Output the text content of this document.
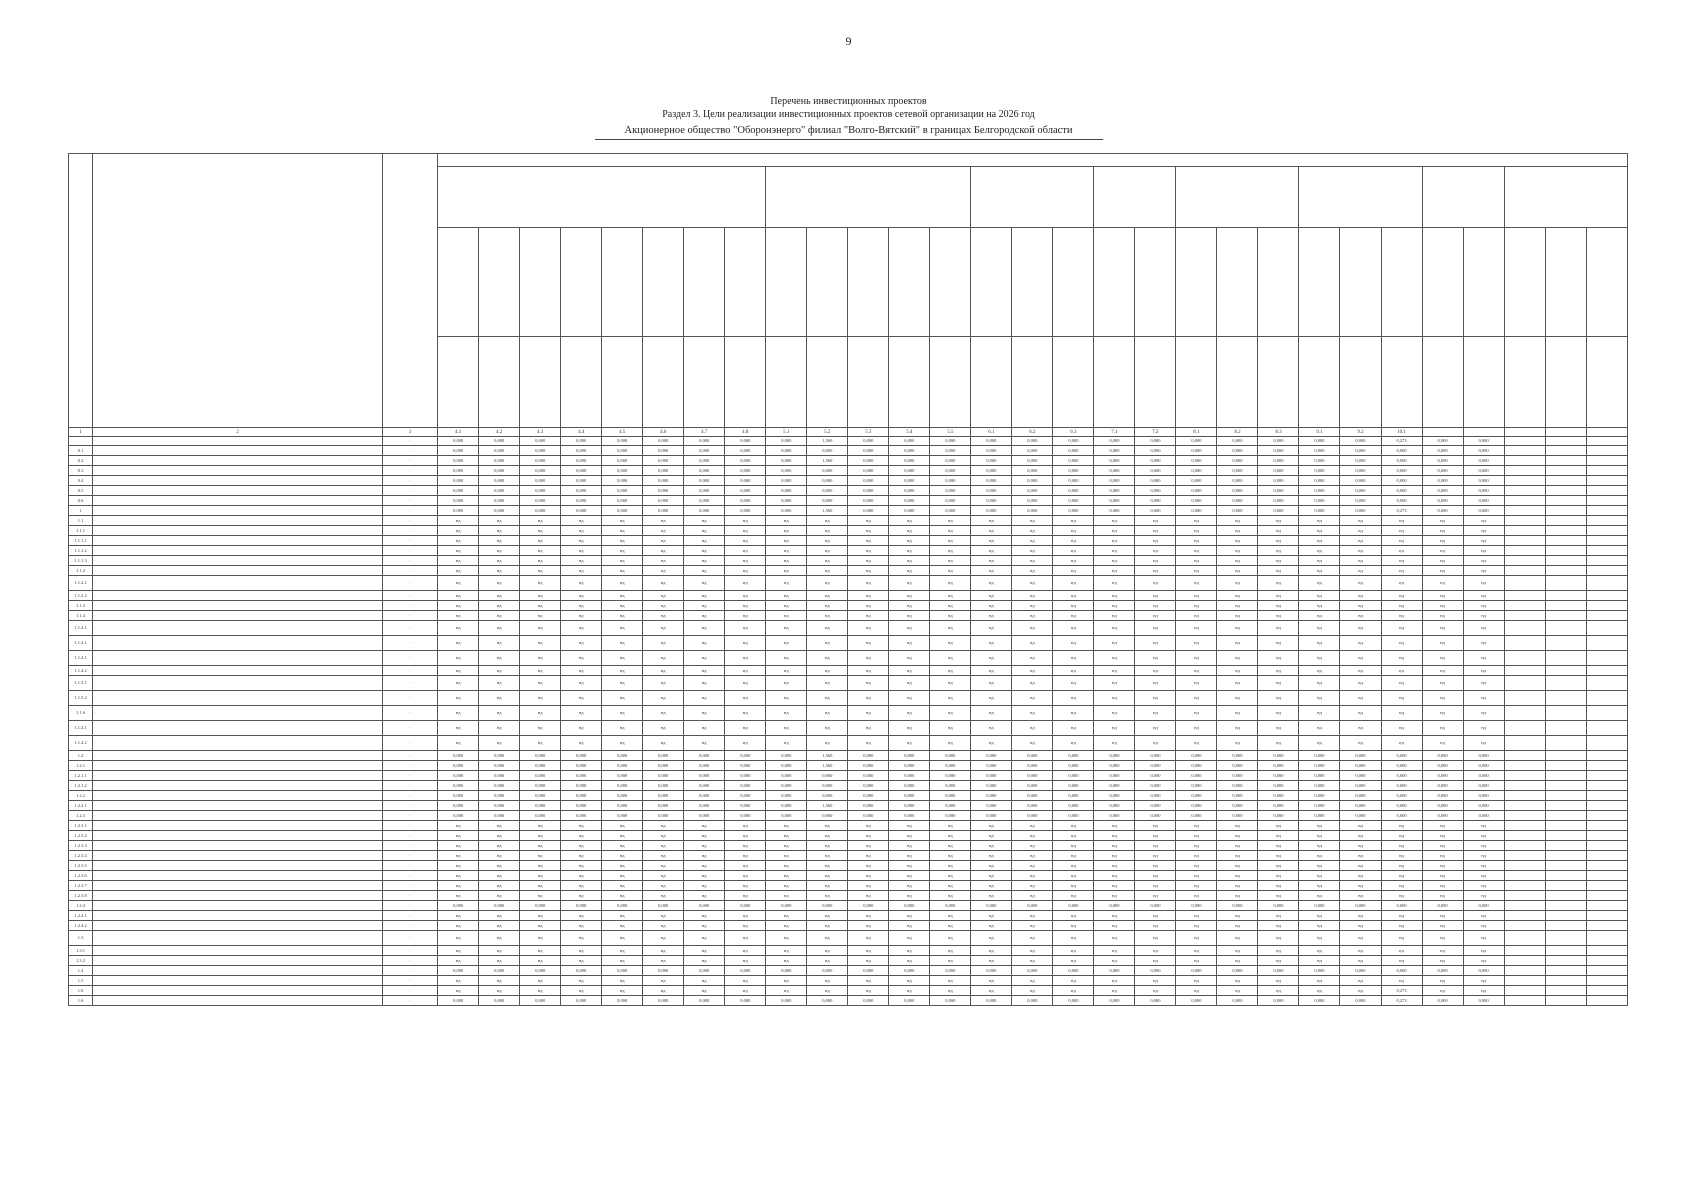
9
Перечень инвестиционных проектов
Раздел 3. Цели реализации инвестиционных проектов сетевой организации на 2026 год
Акционерное общество "Оборонэнерго" филиал "Волго-Вятский" в границах Белгородской области

1	2	3	4.1	4.2	4.3	4.4	4.5	4.6	4.7	4.8	5.1	5.2	5.3	5.4	5.5	6.1	6.2	6.3	7.1	7.2	8.1	8.2	8.3	9.1	9.2	10.1					
	~	~	0,000	0,000	0,000	0,000	0,000	0,000	0,000	0,000	0,000	1,560	0,000	0,000	0,000	0,000	0,000	0,000	0,000	0,000	0,000	0,000	0,000	0,000	0,000	0,273	0,000	0,000			
0.1	~	~	0,000	0,000	0,000	0,000	0,000	0,000	0,000	0,000	0,000	0,000	0,000	0,000	0,000	0,000	0,000	0,000	0,000	0,000	0,000	0,000	0,000	0,000	0,000	0,000	0,000	0,000			
0.2	~	~	0,000	0,000	0,000	0,000	0,000	0,000	0,000	0,000	0,000	1,560	0,000	0,000	0,000	0,000	0,000	0,000	0,000	0,000	0,000	0,000	0,000	0,000	0,000	0,000	0,000	0,000			
0.3	~	~	0,000	0,000	0,000	0,000	0,000	0,000	0,000	0,000	0,000	0,000	0,000	0,000	0,000	0,000	0,000	0,000	0,000	0,000	0,000	0,000	0,000	0,000	0,000	0,000	0,000	0,000			
0.4	~	~	0,000	0,000	0,000	0,000	0,000	0,000	0,000	0,000	0,000	0,000	0,000	0,000	0,000	0,000	0,000	0,000	0,000	0,000	0,000	0,000	0,000	0,000	0,000	0,000	0,000	0,000			
0.5	~	~	0,000	0,000	0,000	0,000	0,000	0,000	0,000	0,000	0,000	0,000	0,000	0,000	0,000	0,000	0,000	0,000	0,000	0,000	0,000	0,000	0,000	0,000	0,000	0,000	0,000	0,000			
0.6	~	~	0,000	0,000	0,000	0,000	0,000	0,000	0,000	0,000	0,000	0,000	0,000	0,000	0,000	0,000	0,000	0,000	0,000	0,000	0,000	0,000	0,000	0,000	0,000	0,000	0,000	0,000			
1	~	~	0,000	0,000	0,000	0,000	0,000	0,000	0,000	0,000	0,000	1,560	0,000	0,000	0,000	0,000	0,000	0,000	0,000	0,000	0,000	0,000	0,000	0,000	0,000	0,273	0,000	0,000			
1.1	~	~	нд	нд	нд	нд	нд	нд	нд	нд	нд	нд	нд	нд	нд	нд	нд	нд	нд	нд	нд	нд	нд	нд	нд	нд	нд	нд			
1.1.1	~	~	нд	нд	нд	нд	нд	нд	нд	нд	нд	нд	нд	нд	нд	нд	нд	нд	нд	нд	нд	нд	нд	нд	нд	нд	нд	нд			
1.1.1.1	~	~	нд	нд	нд	нд	нд	нд	нд	нд	нд	нд	нд	нд	нд	нд	нд	нд	нд	нд	нд	нд	нд	нд	нд	нд	нд	нд			
1.1.1.2	~	~	нд	нд	нд	нд	нд	нд	нд	нд	нд	нд	нд	нд	нд	нд	нд	нд	нд	нд	нд	нд	нд	нд	нд	нд	нд	нд			
1.1.1.3	~	~	нд	нд	нд	нд	нд	нд	нд	нд	нд	нд	нд	нд	нд	нд	нд	нд	нд	нд	нд	нд	нд	нд	нд	нд	нд	нд			
1.1.2	~	~	нд	нд	нд	нд	нд	нд	нд	нд	нд	нд	нд	нд	нд	нд	нд	нд	нд	нд	нд	нд	нд	нд	нд	нд	нд	нд			
1.1.2.1	~	~	нд	нд	нд	нд	нд	нд	нд	нд	нд	нд	нд	нд	нд	нд	нд	нд	нд	нд	нд	нд	нд	нд	нд	нд	нд	нд			
1.1.2.2	~	~	нд	нд	нд	нд	нд	нд	нд	нд	нд	нд	нд	нд	нд	нд	нд	нд	нд	нд	нд	нд	нд	нд	нд	нд	нд	нд			
1.1.3	~	~	нд	нд	нд	нд	нд	нд	нд	нд	нд	нд	нд	нд	нд	нд	нд	нд	нд	нд	нд	нд	нд	нд	нд	нд	нд	нд			
1.1.4	~	~	нд	нд	нд	нд	нд	нд	нд	нд	нд	нд	нд	нд	нд	нд	нд	нд	нд	нд	нд	нд	нд	нд	нд	нд	нд	нд			
1.1.4.1	~	~	нд	нд	нд	нд	нд	нд	нд	нд	нд	нд	нд	нд	нд	нд	нд	нд	нд	нд	нд	нд	нд	нд	нд	нд	нд	нд			
1.1.4.1	~	~	нд	нд	нд	нд	нд	нд	нд	нд	нд	нд	нд	нд	нд	нд	нд	нд	нд	нд	нд	нд	нд	нд	нд	нд	нд	нд			
1.1.4.1	~	~	нд	нд	нд	нд	нд	нд	нд	нд	нд	нд	нд	нд	нд	нд	нд	нд	нд	нд	нд	нд	нд	нд	нд	нд	нд	нд			
1.1.4.2	~	~	нд	нд	нд	нд	нд	нд	нд	нд	нд	нд	нд	нд	нд	нд	нд	нд	нд	нд	нд	нд	нд	нд	нд	нд	нд	нд			
1.1.5.1	~	~	нд	нд	нд	нд	нд	нд	нд	нд	нд	нд	нд	нд	нд	нд	нд	нд	нд	нд	нд	нд	нд	нд	нд	нд	нд	нд			
1.1.5.2	~	~	нд	нд	нд	нд	нд	нд	нд	нд	нд	нд	нд	нд	нд	нд	нд	нд	нд	нд	нд	нд	нд	нд	нд	нд	нд	нд			
1.1.6	~	~	нд	нд	нд	нд	нд	нд	нд	нд	нд	нд	нд	нд	нд	нд	нд	нд	нд	нд	нд	нд	нд	нд	нд	нд	нд	нд			
1.1.4.1	~	~	нд	нд	нд	нд	нд	нд	нд	нд	нд	нд	нд	нд	нд	нд	нд	нд	нд	нд	нд	нд	нд	нд	нд	нд	нд	нд			
1.1.4.2	~	~	нд	нд	нд	нд	нд	нд	нд	нд	нд	нд	нд	нд	нд	нд	нд	нд	нд	нд	нд	нд	нд	нд	нд	нд	нд	нд			
1.2	~	~	0,000	0,000	0,000	0,000	0,000	0,000	0,000	0,000	0,000	1,560	0,000	0,000	0,000	0,000	0,000	0,000	0,000	0,000	0,000	0,000	0,000	0,000	0,000	0,000	0,000	0,000			
1.2.1	~	~	0,000	0,000	0,000	0,000	0,000	0,000	0,000	0,000	0,000	1,560	0,000	0,000	0,000	0,000	0,000	0,000	0,000	0,000	0,000	0,000	0,000	0,000	0,000	0,000	0,000	0,000			
1.2.1.1	~	~	0,000	0,000	0,000	0,000	0,000	0,000	0,000	0,000	0,000	0,000	0,000	0,000	0,000	0,000	0,000	0,000	0,000	0,000	0,000	0,000	0,000	0,000	0,000	0,000	0,000	0,000			
1.2.1.2	~	~	0,000	0,000	0,000	0,000	0,000	0,000	0,000	0,000	0,000	0,000	0,000	0,000	0,000	0,000	0,000	0,000	0,000	0,000	0,000	0,000	0,000	0,000	0,000	0,000	0,000	0,000			
1.2.2	~	~	0,000	0,000	0,000	0,000	0,000	0,000	0,000	0,000	0,000	0,000	0,000	0,000	0,000	0,000	0,000	0,000	0,000	0,000	0,000	0,000	0,000	0,000	0,000	0,000	0,000	0,000			
1.2.2.1	~	~	0,000	0,000	0,000	0,000	0,000	0,000	0,000	0,000	0,000	1,560	0,000	0,000	0,000	0,000	0,000	0,000	0,000	0,000	0,000	0,000	0,000	0,000	0,000	0,000	0,000	0,000			
1.2.3	~	~	0,000	0,000	0,000	0,000	0,000	0,000	0,000	0,000	0,000	0,000	0,000	0,000	0,000	0,000	0,000	0,000	0,000	0,000	0,000	0,000	0,000	0,000	0,000	0,000	0,000	0,000			
1.2.3.1	~	~	нд	нд	нд	нд	нд	нд	нд	нд	нд	нд	нд	нд	нд	нд	нд	нд	нд	нд	нд	нд	нд	нд	нд	нд	нд	нд			
1.2.3.2	~	~	нд	нд	нд	нд	нд	нд	нд	нд	нд	нд	нд	нд	нд	нд	нд	нд	нд	нд	нд	нд	нд	нд	нд	нд	нд	нд			
1.2.3.3	~	~	нд	нд	нд	нд	нд	нд	нд	нд	нд	нд	нд	нд	нд	нд	нд	нд	нд	нд	нд	нд	нд	нд	нд	нд	нд	нд			
1.2.3.4	~	~	нд	нд	нд	нд	нд	нд	нд	нд	нд	нд	нд	нд	нд	нд	нд	нд	нд	нд	нд	нд	нд	нд	нд	нд	нд	нд			
1.2.3.5	~	~	нд	нд	нд	нд	нд	нд	нд	нд	нд	нд	нд	нд	нд	нд	нд	нд	нд	нд	нд	нд	нд	нд	нд	нд	нд	нд			
1.2.3.6	~	~	нд	нд	нд	нд	нд	нд	нд	нд	нд	нд	нд	нд	нд	нд	нд	нд	нд	нд	нд	нд	нд	нд	нд	нд	нд	нд			
1.2.3.7	~	~	нд	нд	нд	нд	нд	нд	нд	нд	нд	нд	нд	нд	нд	нд	нд	нд	нд	нд	нд	нд	нд	нд	нд	нд	нд	нд			
1.2.3.8	~	~	нд	нд	нд	нд	нд	нд	нд	нд	нд	нд	нд	нд	нд	нд	нд	нд	нд	нд	нд	нд	нд	нд	нд	нд	нд	нд			
1.2.4	~	~	0,000	0,000	0,000	0,000	0,000	0,000	0,000	0,000	0,000	0,000	0,000	0,000	0,000	0,000	0,000	0,000	0,000	0,000	0,000	0,000	0,000	0,000	0,000	0,000	0,000	0,000			
1.2.4.1	~	~	нд	нд	нд	нд	нд	нд	нд	нд	нд	нд	нд	нд	нд	нд	нд	нд	нд	нд	нд	нд	нд	нд	нд	нд	нд	нд			
1.2.4.2	~	~	нд	нд	нд	нд	нд	нд	нд	нд	нд	нд	нд	нд	нд	нд	нд	нд	нд	нд	нд	нд	нд	нд	нд	нд	нд	нд			
1.3	~	~	нд	нд	нд	нд	нд	нд	нд	нд	нд	нд	нд	нд	нд	нд	нд	нд	нд	нд	нд	нд	нд	нд	нд	нд	нд	нд			
1.3.1	~	~	нд	нд	нд	нд	нд	нд	нд	нд	нд	нд	нд	нд	нд	нд	нд	нд	нд	нд	нд	нд	нд	нд	нд	нд	нд	нд			
1.3.2	~	~	нд	нд	нд	нд	нд	нд	нд	нд	нд	нд	нд	нд	нд	нд	нд	нд	нд	нд	нд	нд	нд	нд	нд	нд	нд	нд			
1.4	~	~	0,000	0,000	0,000	0,000	0,000	0,000	0,000	0,000	0,000	0,000	0,000	0,000	0,000	0,000	0,000	0,000	0,000	0,000	0,000	0,000	0,000	0,000	0,000	0,000	0,000	0,000			
1.5	~	~	нд	нд	нд	нд	нд	нд	нд	нд	нд	нд	нд	нд	нд	нд	нд	нд	нд	нд	нд	нд	нд	нд	нд	нд	нд	нд			
1.6	~	~	нд	нд	нд	нд	нд	нд	нд	нд	нд	нд	нд	нд	нд	нд	нд	нд	нд	нд	нд	нд	нд	нд	нд	0,273	нд	нд			
1.6	~	~	0,000	0,000	0,000	0,000	0,000	0,000	0,000	0,000	0,000	0,000	0,000	0,000	0,000	0,000	0,000	0,000	0,000	0,000	0,000	0,000	0,000	0,000	0,000	0,273	0,000	0,000			
